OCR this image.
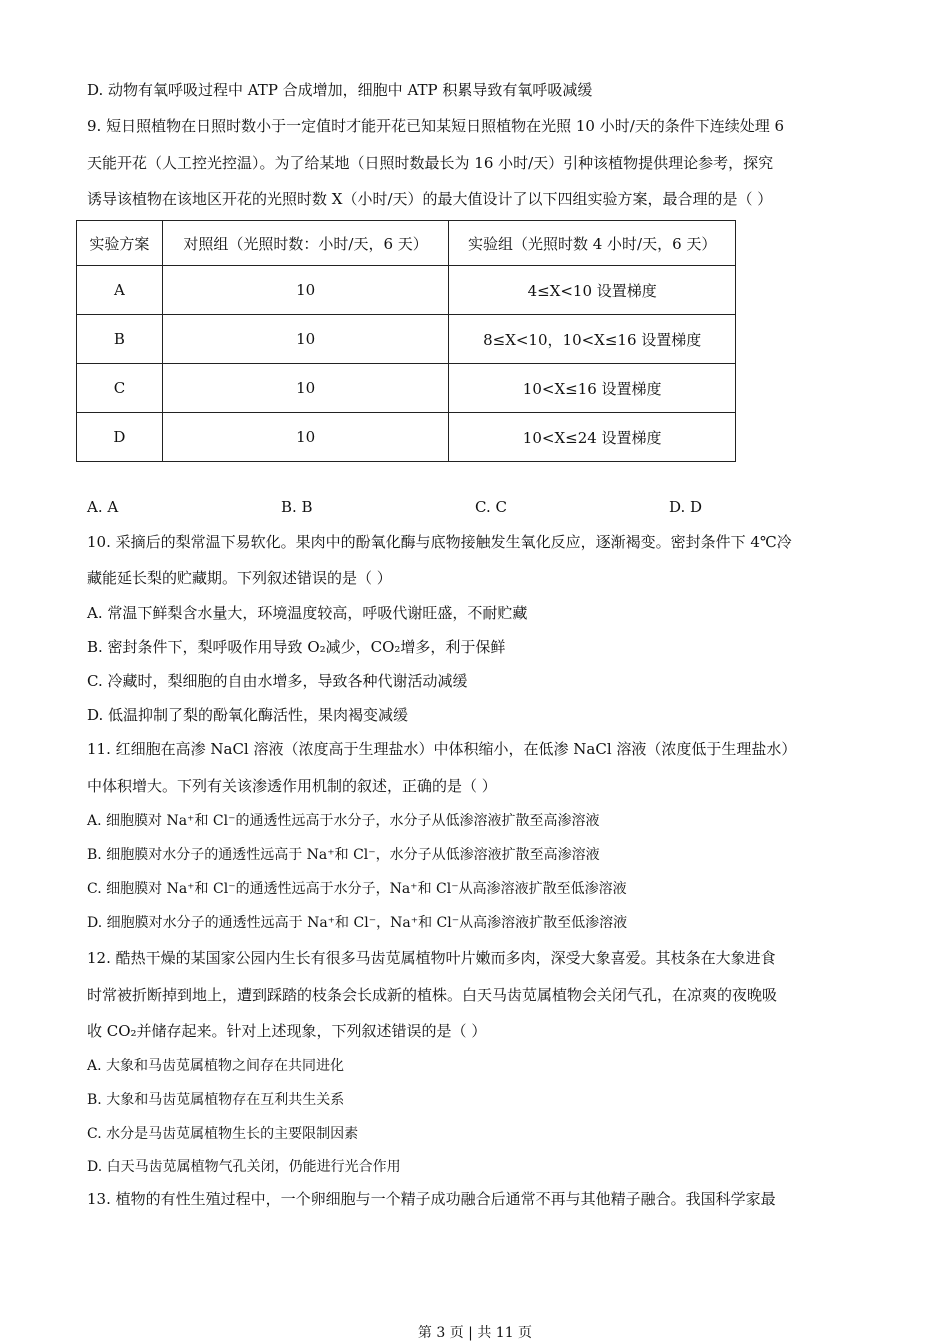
D. 动物有氧呼吸过程中 ATP 合成增加，细胞中 ATP 积累导致有氧呼吸减缓
9. 短日照植物在日照时数小于一定值时才能开花已知某短日照植物在光照 10 小时/天的条件下连续处理 6
天能开花（人工控光控温）。为了给某地（日照时数最长为 16 小时/天）引种该植物提供理论参考，探究
诱导该植物在该地区开花的光照时数 X（小时/天）的最大值设计了以下四组实验方案，最合理的是（ ）
实验方案	对照组（光照时数：小时/天，6 天）	实验组（光照时数 4 小时/天，6 天）
A	10	4≤X<10 设置梯度
B	10	8≤X<10，10<X≤16 设置梯度
C	10	10<X≤16 设置梯度
D	10	10<X≤24 设置梯度
A. A	B. B	C. C	D. D
10. 采摘后的梨常温下易软化。果肉中的酚氧化酶与底物接触发生氧化反应，逐渐褐变。密封条件下 4℃冷
藏能延长梨的贮藏期。下列叙述错误的是（ ）
A. 常温下鲜梨含水量大，环境温度较高，呼吸代谢旺盛，不耐贮藏
B. 密封条件下，梨呼吸作用导致 O₂减少，CO₂增多，利于保鲜
C. 冷藏时，梨细胞的自由水增多，导致各种代谢活动减缓
D. 低温抑制了梨的酚氧化酶活性，果肉褐变减缓
11. 红细胞在高渗 NaCl 溶液（浓度高于生理盐水）中体积缩小，在低渗 NaCl 溶液（浓度低于生理盐水）
中体积增大。下列有关该渗透作用机制的叙述，正确的是（ ）
A. 细胞膜对 Na⁺和 Cl⁻的通透性远高于水分子，水分子从低渗溶液扩散至高渗溶液
B. 细胞膜对水分子的通透性远高于 Na⁺和 Cl⁻，水分子从低渗溶液扩散至高渗溶液
C. 细胞膜对 Na⁺和 Cl⁻的通透性远高于水分子，Na⁺和 Cl⁻从高渗溶液扩散至低渗溶液
D. 细胞膜对水分子的通透性远高于 Na⁺和 Cl⁻，Na⁺和 Cl⁻从高渗溶液扩散至低渗溶液
12. 酷热干燥的某国家公园内生长有很多马齿苋属植物叶片嫩而多肉，深受大象喜爱。其枝条在大象进食
时常被折断掉到地上，遭到踩踏的枝条会长成新的植株。白天马齿苋属植物会关闭气孔，在凉爽的夜晚吸
收 CO₂并储存起来。针对上述现象，下列叙述错误的是（ ）
A. 大象和马齿苋属植物之间存在共同进化
B. 大象和马齿苋属植物存在互利共生关系
C. 水分是马齿苋属植物生长的主要限制因素
D. 白天马齿苋属植物气孔关闭，仍能进行光合作用
13. 植物的有性生殖过程中，一个卵细胞与一个精子成功融合后通常不再与其他精子融合。我国科学家最
第 3 页 | 共 11 页
